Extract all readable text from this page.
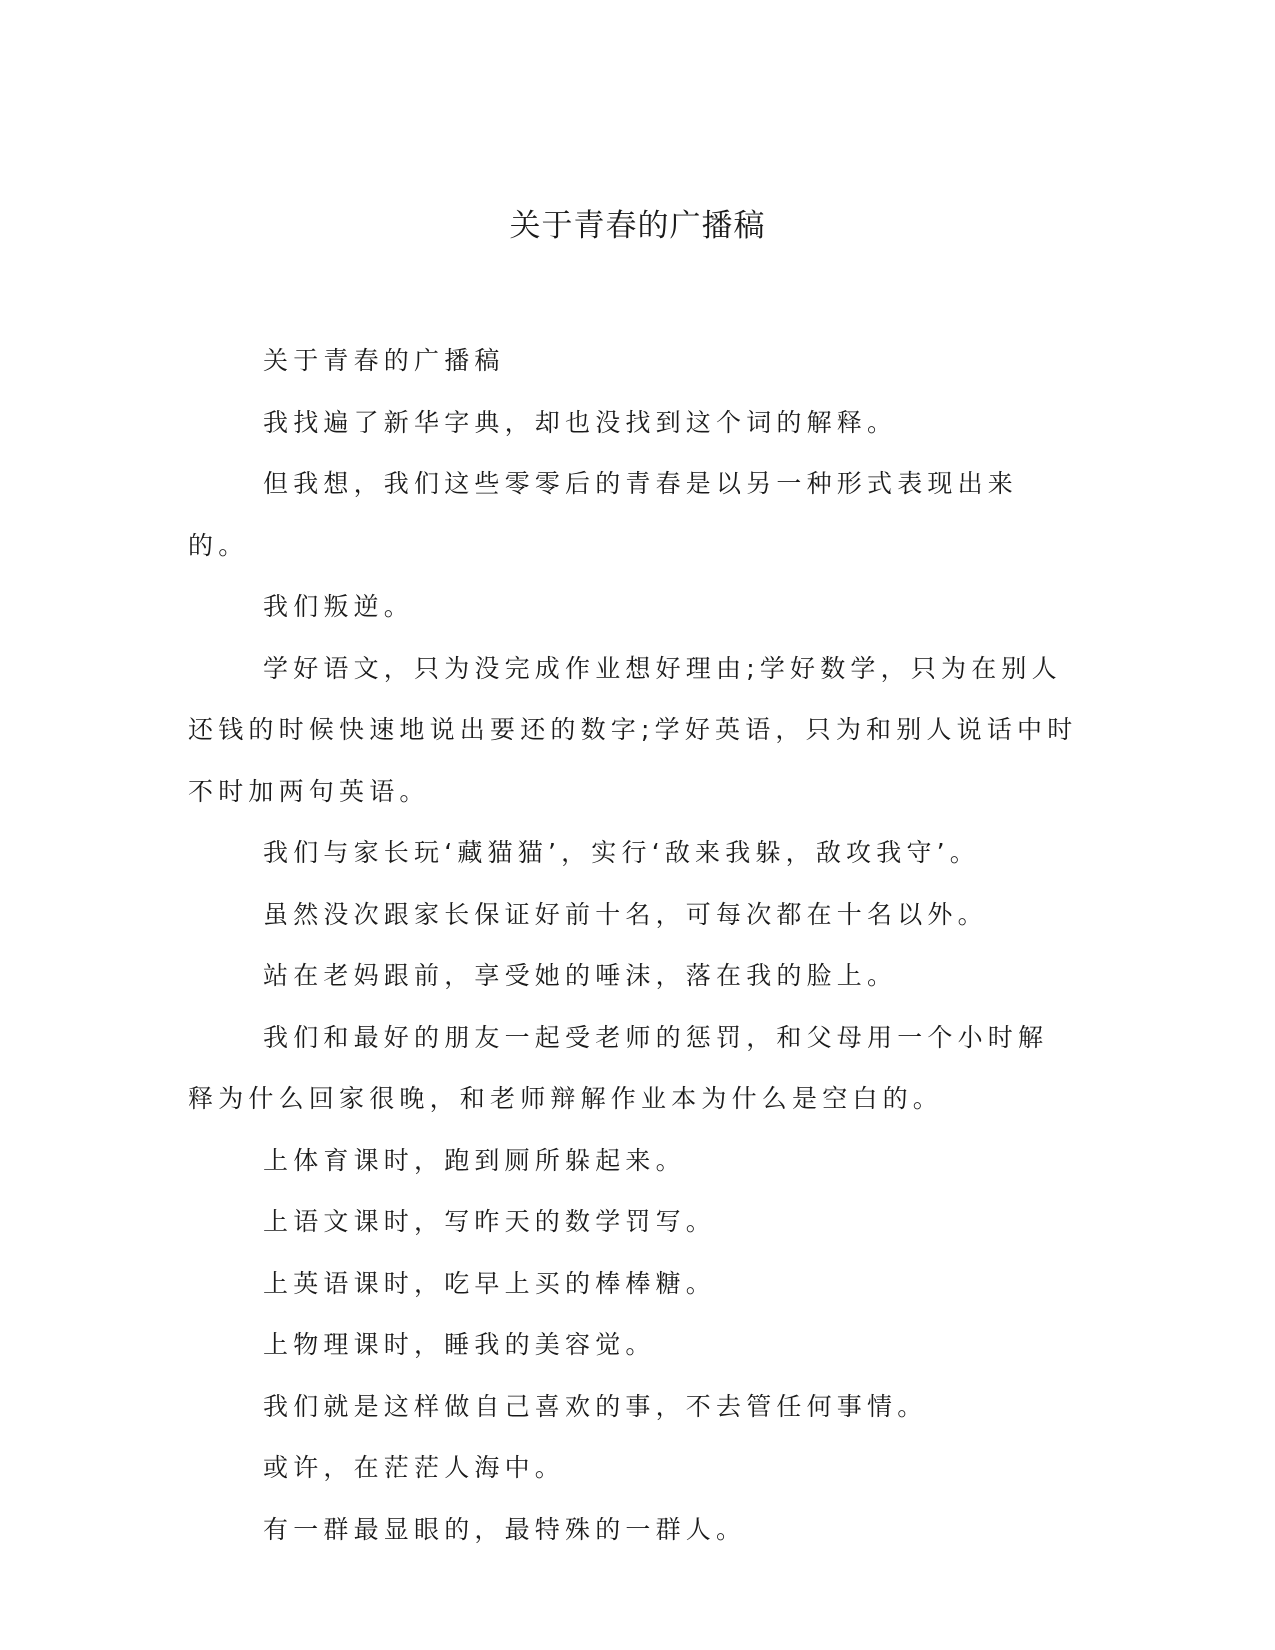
关于青春的广播稿

关于青春的广播稿

我找遍了新华字典，却也没找到这个词的解释。

但我想，我们这些零零后的青春是以另一种形式表现出来的。

我们叛逆。

学好语文，只为没完成作业想好理由;学好数学，只为在别人还钱的时候快速地说出要还的数字;学好英语，只为和别人说话中时不时加两句英语。

我们与家长玩‘藏猫猫’，实行‘敌来我躲，敌攻我守’。

虽然没次跟家长保证好前十名，可每次都在十名以外。

站在老妈跟前，享受她的唾沫，落在我的脸上。

我们和最好的朋友一起受老师的惩罚，和父母用一个小时解释为什么回家很晚，和老师辩解作业本为什么是空白的。

上体育课时，跑到厕所躲起来。

上语文课时，写昨天的数学罚写。

上英语课时，吃早上买的棒棒糖。

上物理课时，睡我的美容觉。

我们就是这样做自己喜欢的事，不去管任何事情。

或许，在茫茫人海中。

有一群最显眼的，最特殊的一群人。
